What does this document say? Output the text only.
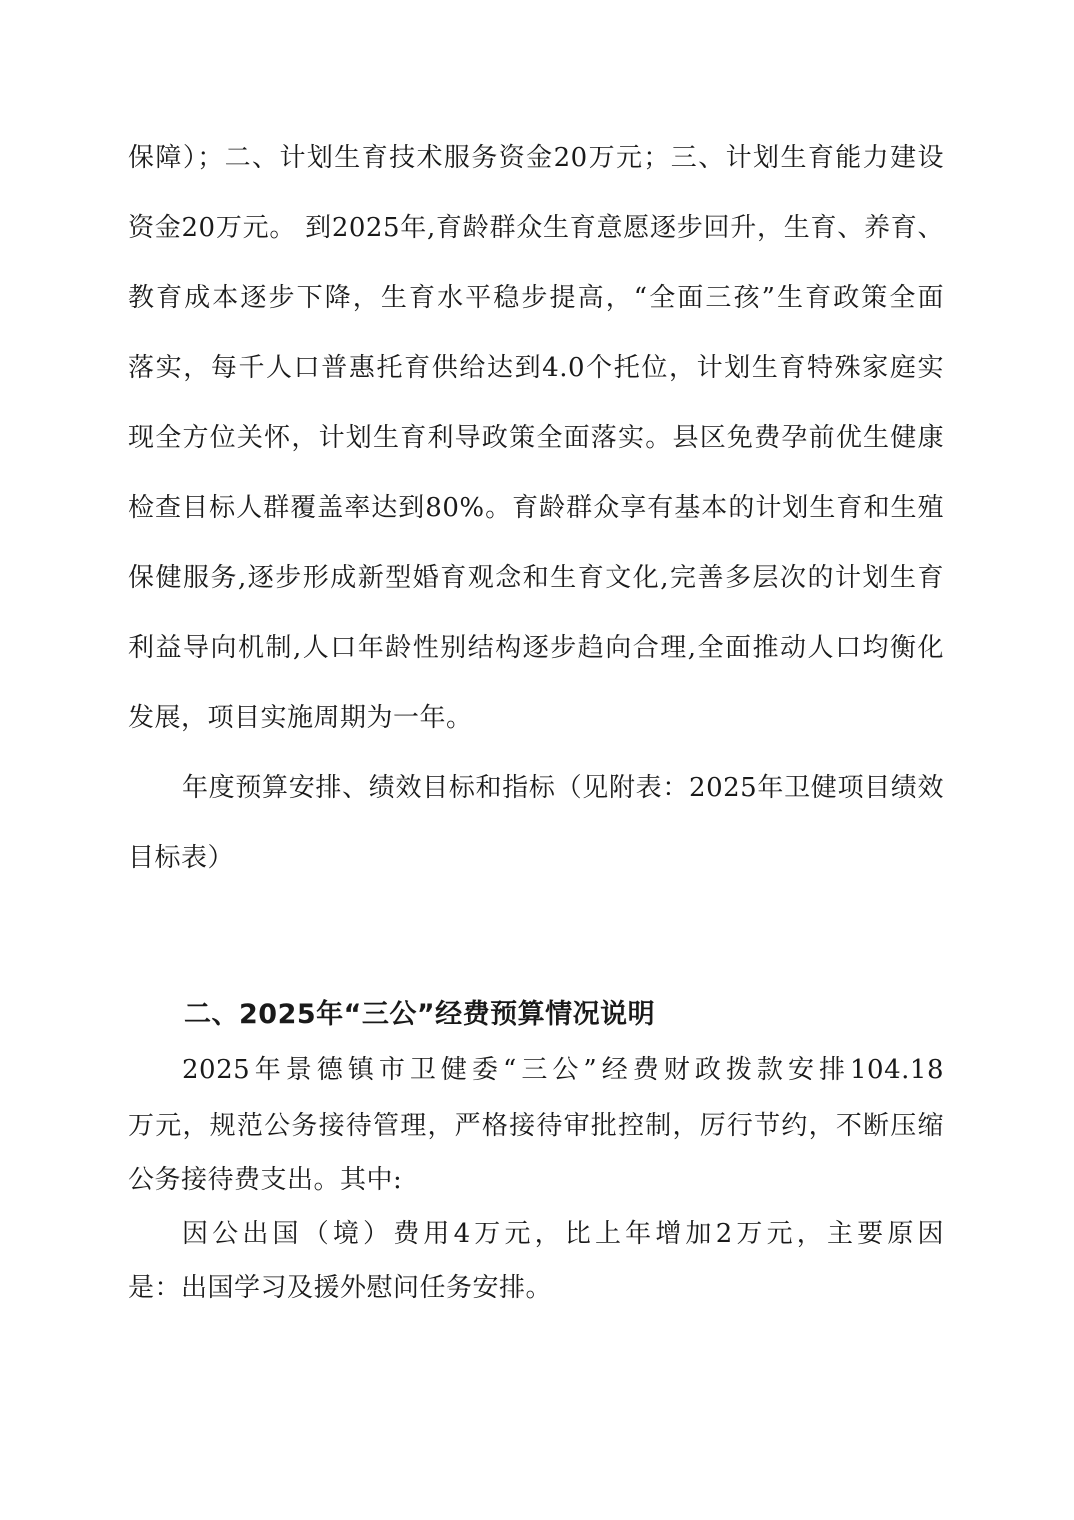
保障）；二、计划生育技术服务资金20万元；三、计划生育能力建设
资金20万元。 到2025年,育龄群众生育意愿逐步回升，生育、养育、
教育成本逐步下降，生育水平稳步提高，“全面三孩”生育政策全面
落实，每千人口普惠托育供给达到4.0个托位，计划生育特殊家庭实
现全方位关怀，计划生育利导政策全面落实。县区免费孕前优生健康
检查目标人群覆盖率达到80%。育龄群众享有基本的计划生育和生殖
保健服务,逐步形成新型婚育观念和生育文化,完善多层次的计划生育
利益导向机制,人口年龄性别结构逐步趋向合理,全面推动人口均衡化
发展，项目实施周期为一年。
年度预算安排、绩效目标和指标（见附表：2025年卫健项目绩效
目标表）
二、2025年“三公”经费预算情况说明
2025年景德镇市卫健委“三公”经费财政拨款安排104.18
万元，规范公务接待管理，严格接待审批控制，厉行节约，不断压缩
公务接待费支出。其中:
因公出国（境）费用4万元，比上年增加2万元，主要原因
是：出国学习及援外慰问任务安排。
